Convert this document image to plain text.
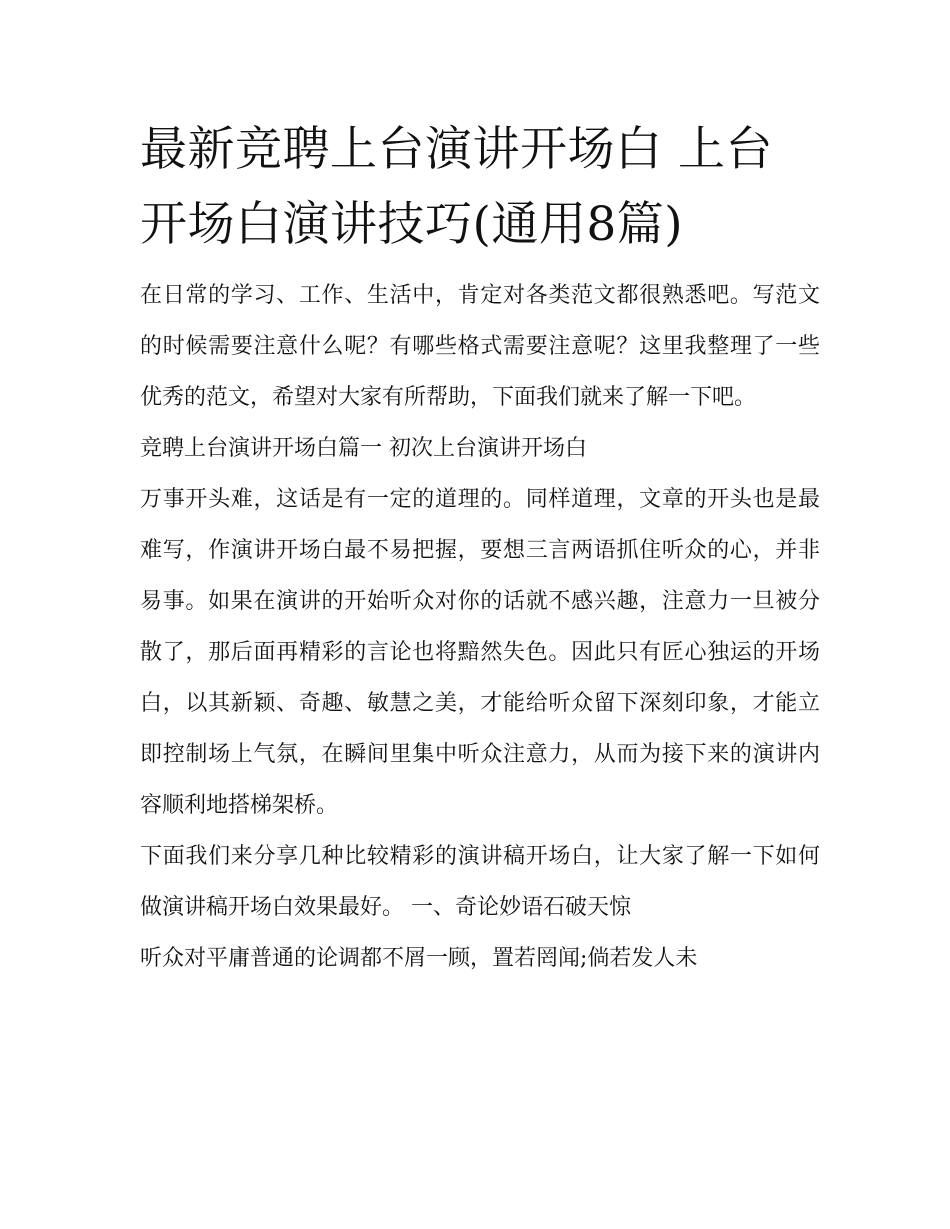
最新竞聘上台演讲开场白 上台
开场白演讲技巧(通用8篇)

在日常的学习、工作、生活中，肯定对各类范文都很熟悉吧。写范文的时候需要注意什么呢？有哪些格式需要注意呢？这里我整理了一些优秀的范文，希望对大家有所帮助，下面我们就来了解一下吧。

竞聘上台演讲开场白篇一 初次上台演讲开场白

万事开头难，这话是有一定的道理的。同样道理，文章的开头也是最难写，作演讲开场白最不易把握，要想三言两语抓住听众的心，并非易事。如果在演讲的开始听众对你的话就不感兴趣，注意力一旦被分散了，那后面再精彩的言论也将黯然失色。因此只有匠心独运的开场白，以其新颖、奇趣、敏慧之美，才能给听众留下深刻印象，才能立即控制场上气氛，在瞬间里集中听众注意力，从而为接下来的演讲内容顺利地搭梯架桥。

下面我们来分享几种比较精彩的演讲稿开场白，让大家了解一下如何做演讲稿开场白效果最好。 一、奇论妙语石破天惊

听众对平庸普通的论调都不屑一顾，置若罔闻;倘若发人未
